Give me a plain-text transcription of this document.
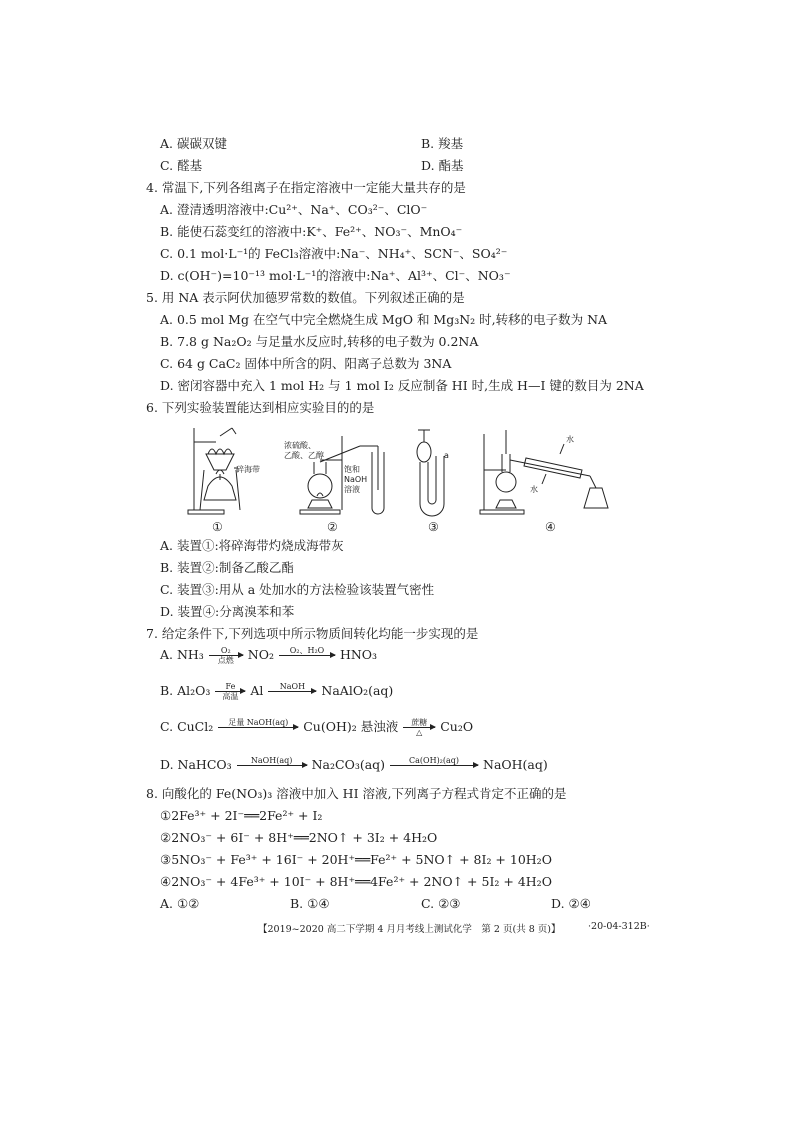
A. 碳碳双键	B. 羧基
C. 醛基	D. 酯基
4. 常温下,下列各组离子在指定溶液中一定能大量共存的是
A. 澄清透明溶液中:Cu²⁺、Na⁺、CO₃²⁻、ClO⁻
B. 能使石蕊变红的溶液中:K⁺、Fe²⁺、NO₃⁻、MnO₄⁻
C. 0.1 mol·L⁻¹的 FeCl₃溶液中:Na⁻、NH₄⁺、SCN⁻、SO₄²⁻
D. c(OH⁻)=10⁻¹³ mol·L⁻¹的溶液中:Na⁺、Al³⁺、Cl⁻、NO₃⁻
5. 用 NA 表示阿伏加德罗常数的数值。下列叙述正确的是
A. 0.5 mol Mg 在空气中完全燃烧生成 MgO 和 Mg₃N₂ 时,转移的电子数为 NA
B. 7.8 g Na₂O₂ 与足量水反应时,转移的电子数为 0.2NA
C. 64 g CaC₂ 固体中所含的阴、阳离子总数为 3NA
D. 密闭容器中充入 1 mol H₂ 与 1 mol I₂ 反应制备 HI 时,生成 H—I 键的数目为 2NA
6. 下列实验装置能达到相应实验目的的是
碎海带
浓硫酸、
乙酸、乙醇
饱和
NaOH
溶液
a
水
水
①	②	③	④
A. 装置①:将碎海带灼烧成海带灰
B. 装置②:制备乙酸乙酯
C. 装置③:用从 a 处加水的方法检验该装置气密性
D. 装置④:分离溴苯和苯
7. 给定条件下,下列选项中所示物质间转化均能一步实现的是
A. NH₃	O₂
点燃	NO₂	O₂、H₂O
	HNO₃
B. Al₂O₃	Fe
高温 Al	NaOH
	NaAlO₂(aq)
C. CuCl₂	足量 NaOH(aq)
	Cu(OH)₂ 悬浊液	蔗糖
△	Cu₂O
D. NaHCO₃	NaOH(aq)
	Na₂CO₃(aq)	Ca(OH)₂(aq)
	NaOH(aq)
8. 向酸化的 Fe(NO₃)₃ 溶液中加入 HI 溶液,下列离子方程式肯定不正确的是
①2Fe³⁺ + 2I⁻══2Fe²⁺ + I₂
②2NO₃⁻ + 6I⁻ + 8H⁺══2NO↑ + 3I₂ + 4H₂O
③5NO₃⁻ + Fe³⁺ + 16I⁻ + 20H⁺══Fe²⁺ + 5NO↑ + 8I₂ + 10H₂O
④2NO₃⁻ + 4Fe³⁺ + 10I⁻ + 8H⁺══4Fe²⁺ + 2NO↑ + 5I₂ + 4H₂O
A. ①②	B. ①④	C. ②③	D. ②④
【2019~2020 高二下学期 4 月月考线上测试化学　第 2 页(共 8 页)】	·20-04-312B·
